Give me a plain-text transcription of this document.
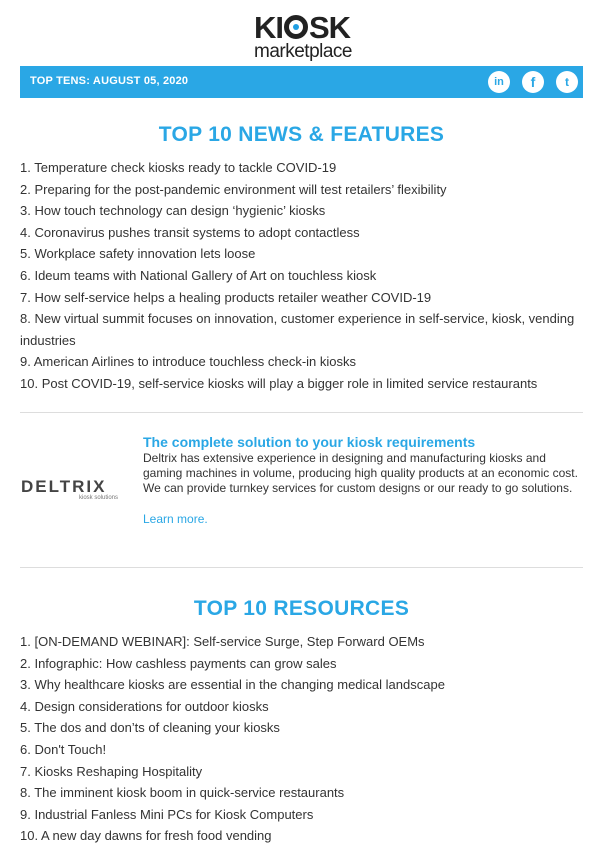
KI SK
marketplace
TOP TENS: AUGUST 05, 2020	in	f	t
TOP 10 NEWS & FEATURES
1. Temperature check kiosks ready to tackle COVID-19
2. Preparing for the post-pandemic environment will test retailers’ flexibility
3. How touch technology can design ‘hygienic’ kiosks
4. Coronavirus pushes transit systems to adopt contactless
5. Workplace safety innovation lets loose
6. Ideum teams with National Gallery of Art on touchless kiosk
7. How self-service helps a healing products retailer weather COVID-19
8. New virtual summit focuses on innovation, customer experience in self-service, kiosk, vending industries
9. American Airlines to introduce touchless check-in kiosks
10. Post COVID-19, self-service kiosks will play a bigger role in limited service restaurants
DELTRIX
kiosk solutions
The complete solution to your kiosk requirements
Deltrix has extensive experience in designing and manufacturing kiosks and gaming machines in volume, producing high quality products at an economic cost. We can provide turnkey services for custom designs or our ready to go solutions.
Learn more.
TOP 10 RESOURCES
1. [ON-DEMAND WEBINAR]: Self-service Surge, Step Forward OEMs
2. Infographic: How cashless payments can grow sales
3. Why healthcare kiosks are essential in the changing medical landscape
4. Design considerations for outdoor kiosks
5. The dos and don’ts of cleaning your kiosks
6. Don't Touch!
7. Kiosks Reshaping Hospitality
8. The imminent kiosk boom in quick-service restaurants
9. Industrial Fanless Mini PCs for Kiosk Computers
10. A new day dawns for fresh food vending
